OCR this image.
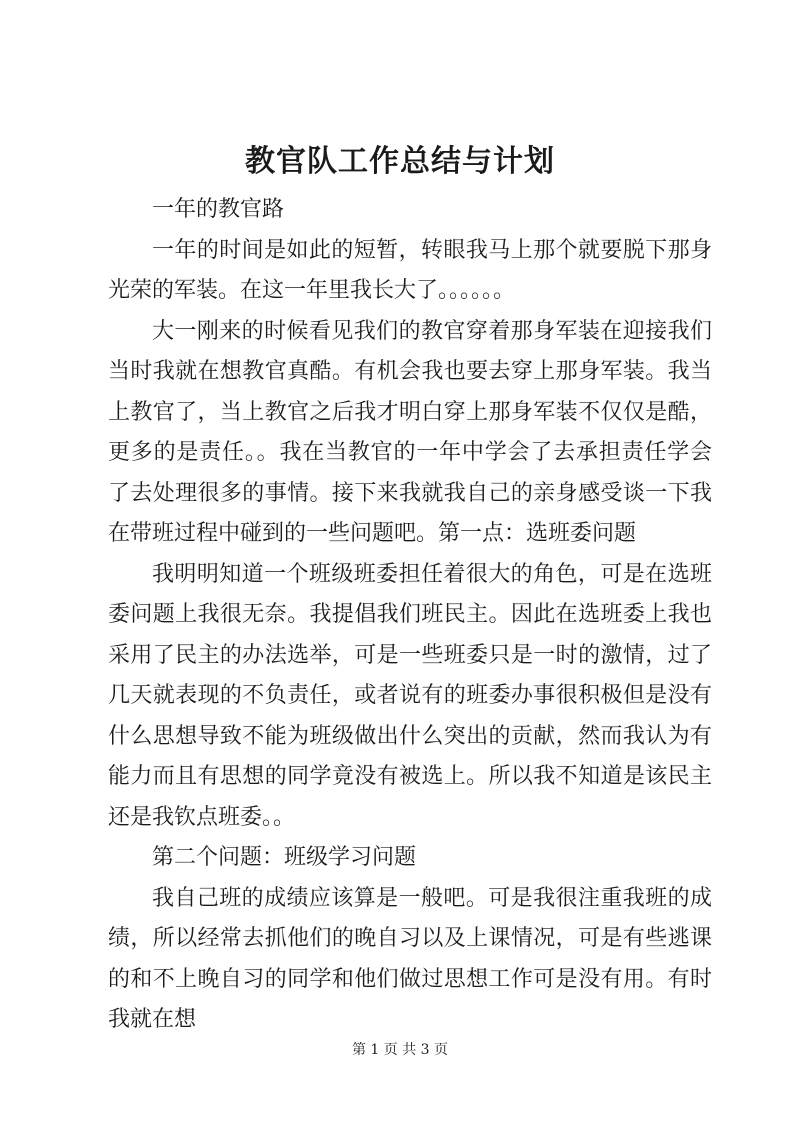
教官队工作总结与计划

一年的教官路

一年的时间是如此的短暂，转眼我马上那个就要脱下那身光荣的军装。在这一年里我长大了。。。。。。

大一刚来的时候看见我们的教官穿着那身军装在迎接我们当时我就在想教官真酷。有机会我也要去穿上那身军装。我当上教官了，当上教官之后我才明白穿上那身军装不仅仅是酷，更多的是责任。。我在当教官的一年中学会了去承担责任学会了去处理很多的事情。接下来我就我自己的亲身感受谈一下我在带班过程中碰到的一些问题吧。第一点：选班委问题

我明明知道一个班级班委担任着很大的角色，可是在选班委问题上我很无奈。我提倡我们班民主。因此在选班委上我也采用了民主的办法选举，可是一些班委只是一时的激情，过了几天就表现的不负责任，或者说有的班委办事很积极但是没有什么思想导致不能为班级做出什么突出的贡献，然而我认为有能力而且有思想的同学竟没有被选上。所以我不知道是该民主还是我钦点班委。。

第二个问题：班级学习问题

我自己班的成绩应该算是一般吧。可是我很注重我班的成绩，所以经常去抓他们的晚自习以及上课情况，可是有些逃课的和不上晚自习的同学和他们做过思想工作可是没有用。有时我就在想

第 1 页 共 3 页
